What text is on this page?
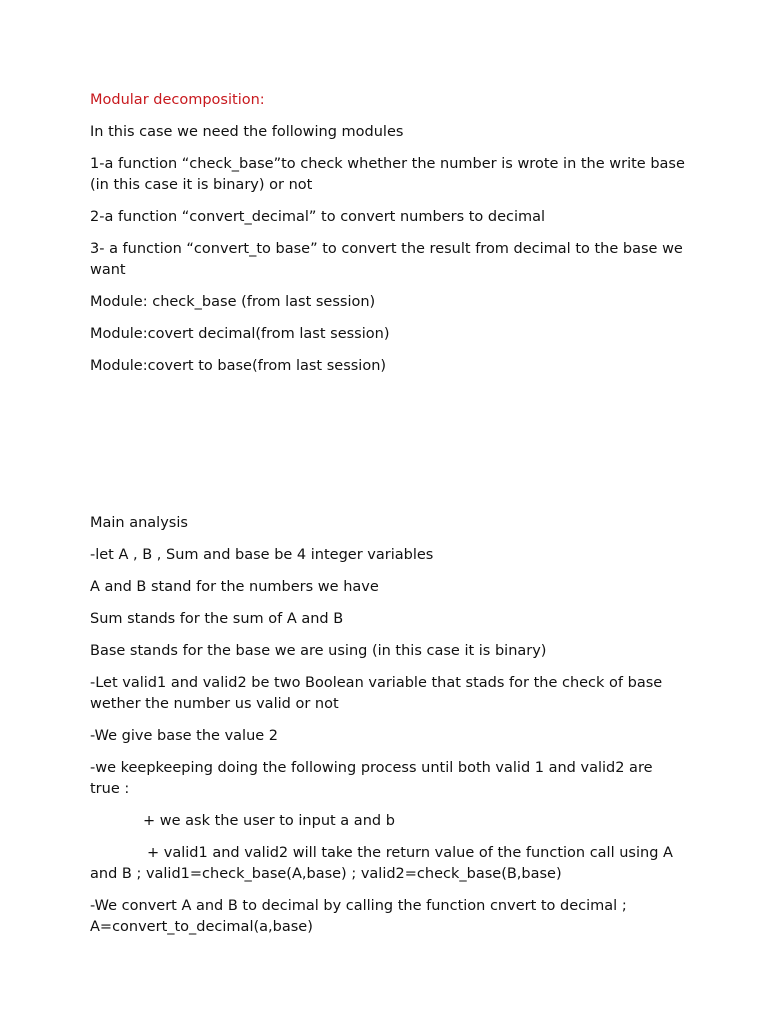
Modular decomposition:

In this case we need the following modules

1-a function “check_base”to check whether the number is wrote in the write base (in this case it is binary) or not

2-a function “convert_decimal” to convert numbers to decimal

3- a function “convert_to base” to convert the result from decimal to the base we want

Module: check_base (from last session)

Module:covert decimal(from last session)

Module:covert to base(from last session)

Main analysis

-let A , B , Sum and base be 4 integer variables

A and B stand for the numbers we have

Sum stands for the sum of A and B

Base stands for the base we are using (in this case it is binary)

-Let valid1 and valid2 be two Boolean variable that stads for the check of base wether the number us valid or not

-We give base the value 2

-we keepkeeping doing the following process until both valid 1 and valid2 are true :

+ we ask the user to input a and b

+ valid1 and valid2 will take the return value of the function call using A and B ; valid1=check_base(A,base) ; valid2=check_base(B,base)

-We convert A and B to decimal by calling the function cnvert to decimal ; A=convert_to_decimal(a,base)
